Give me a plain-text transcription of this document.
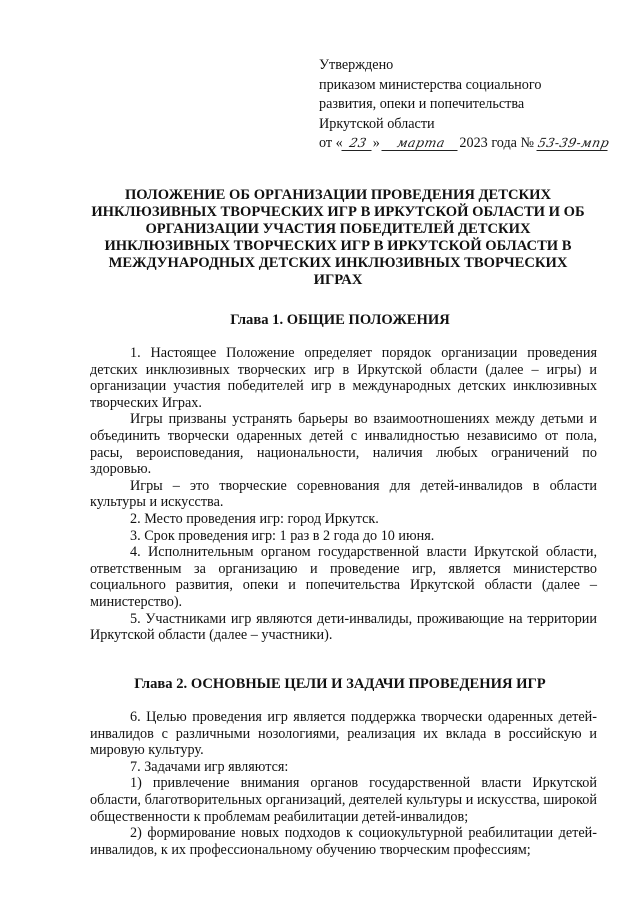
Утверждено
приказом министерства социального
развития, опеки и попечительства
Иркутской области
от « 23 » марта 2023 года № 53-39-мпр
ПОЛОЖЕНИЕ ОБ ОРГАНИЗАЦИИ ПРОВЕДЕНИЯ ДЕТСКИХ ИНКЛЮЗИВНЫХ ТВОРЧЕСКИХ ИГР В ИРКУТСКОЙ ОБЛАСТИ И ОБ ОРГАНИЗАЦИИ УЧАСТИЯ ПОБЕДИТЕЛЕЙ ДЕТСКИХ ИНКЛЮЗИВНЫХ ТВОРЧЕСКИХ ИГР В ИРКУТСКОЙ ОБЛАСТИ В МЕЖДУНАРОДНЫХ ДЕТСКИХ ИНКЛЮЗИВНЫХ ТВОРЧЕСКИХ ИГРАХ
Глава 1. ОБЩИЕ ПОЛОЖЕНИЯ

1. Настоящее Положение определяет порядок организации проведения детских инклюзивных творческих игр в Иркутской области (далее – игры) и организации участия победителей игр в международных детских инклюзивных творческих Играх.

Игры призваны устранять барьеры во взаимоотношениях между детьми и объединить творчески одаренных детей с инвалидностью независимо от пола, расы, вероисповедания, национальности, наличия любых ограничений по здоровью.

Игры – это творческие соревнования для детей-инвалидов в области культуры и искусства.

2. Место проведения игр: город Иркутск.

3. Срок проведения игр: 1 раз в 2 года до 10 июня.

4. Исполнительным органом государственной власти Иркутской области, ответственным за организацию и проведение игр, является министерство социального развития, опеки и попечительства Иркутской области (далее – министерство).

5. Участниками игр являются дети-инвалиды, проживающие на территории Иркутской области (далее – участники).

Глава 2. ОСНОВНЫЕ ЦЕЛИ И ЗАДАЧИ ПРОВЕДЕНИЯ ИГР

6. Целью проведения игр является поддержка творчески одаренных детей-инвалидов с различными нозологиями, реализация их вклада в российскую и мировую культуру.

7. Задачами игр являются:

1) привлечение внимания органов государственной власти Иркутской области, благотворительных организаций, деятелей культуры и искусства, широкой общественности к проблемам реабилитации детей-инвалидов;

2) формирование новых подходов к социокультурной реабилитации детей-инвалидов, к их профессиональному обучению творческим профессиям;
